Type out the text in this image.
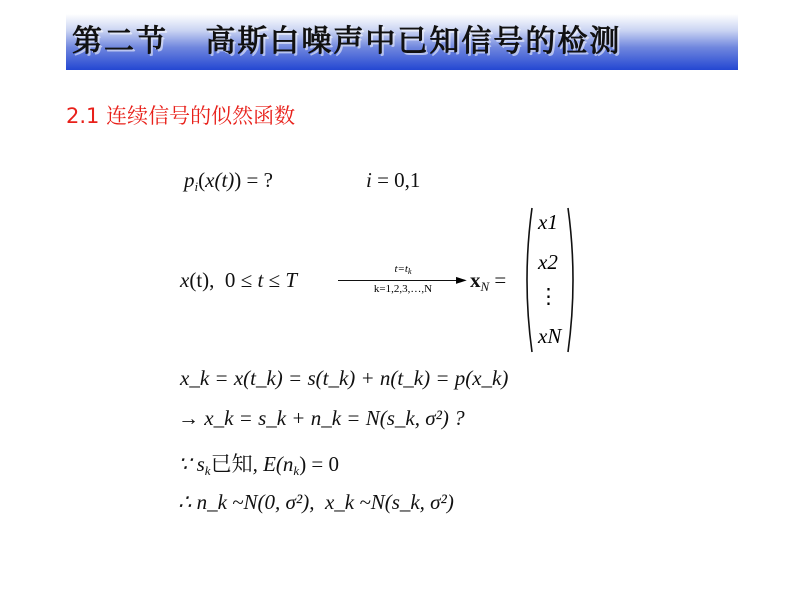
第二节   高斯白噪声中已知信号的检测
2.1 连续信号的似然函数
$p_i(x(t))$ = ?	i = 0,1
x(t),  0 ≤ t ≤ T	$t=t_k$
►
k=1,2,3,…,N	$x_N$ =
x1
x2
⋮
xN
x_k = x(t_k) = s(t_k) + n(t_k) = p(x_k)
→ x_k = s_k + n_k = N(s_k, σ²) ?
∵ $s_k$已知, $E(n_k) = 0$
∴ n_k ~N(0, σ²),  x_k ~N(s_k, σ²)
